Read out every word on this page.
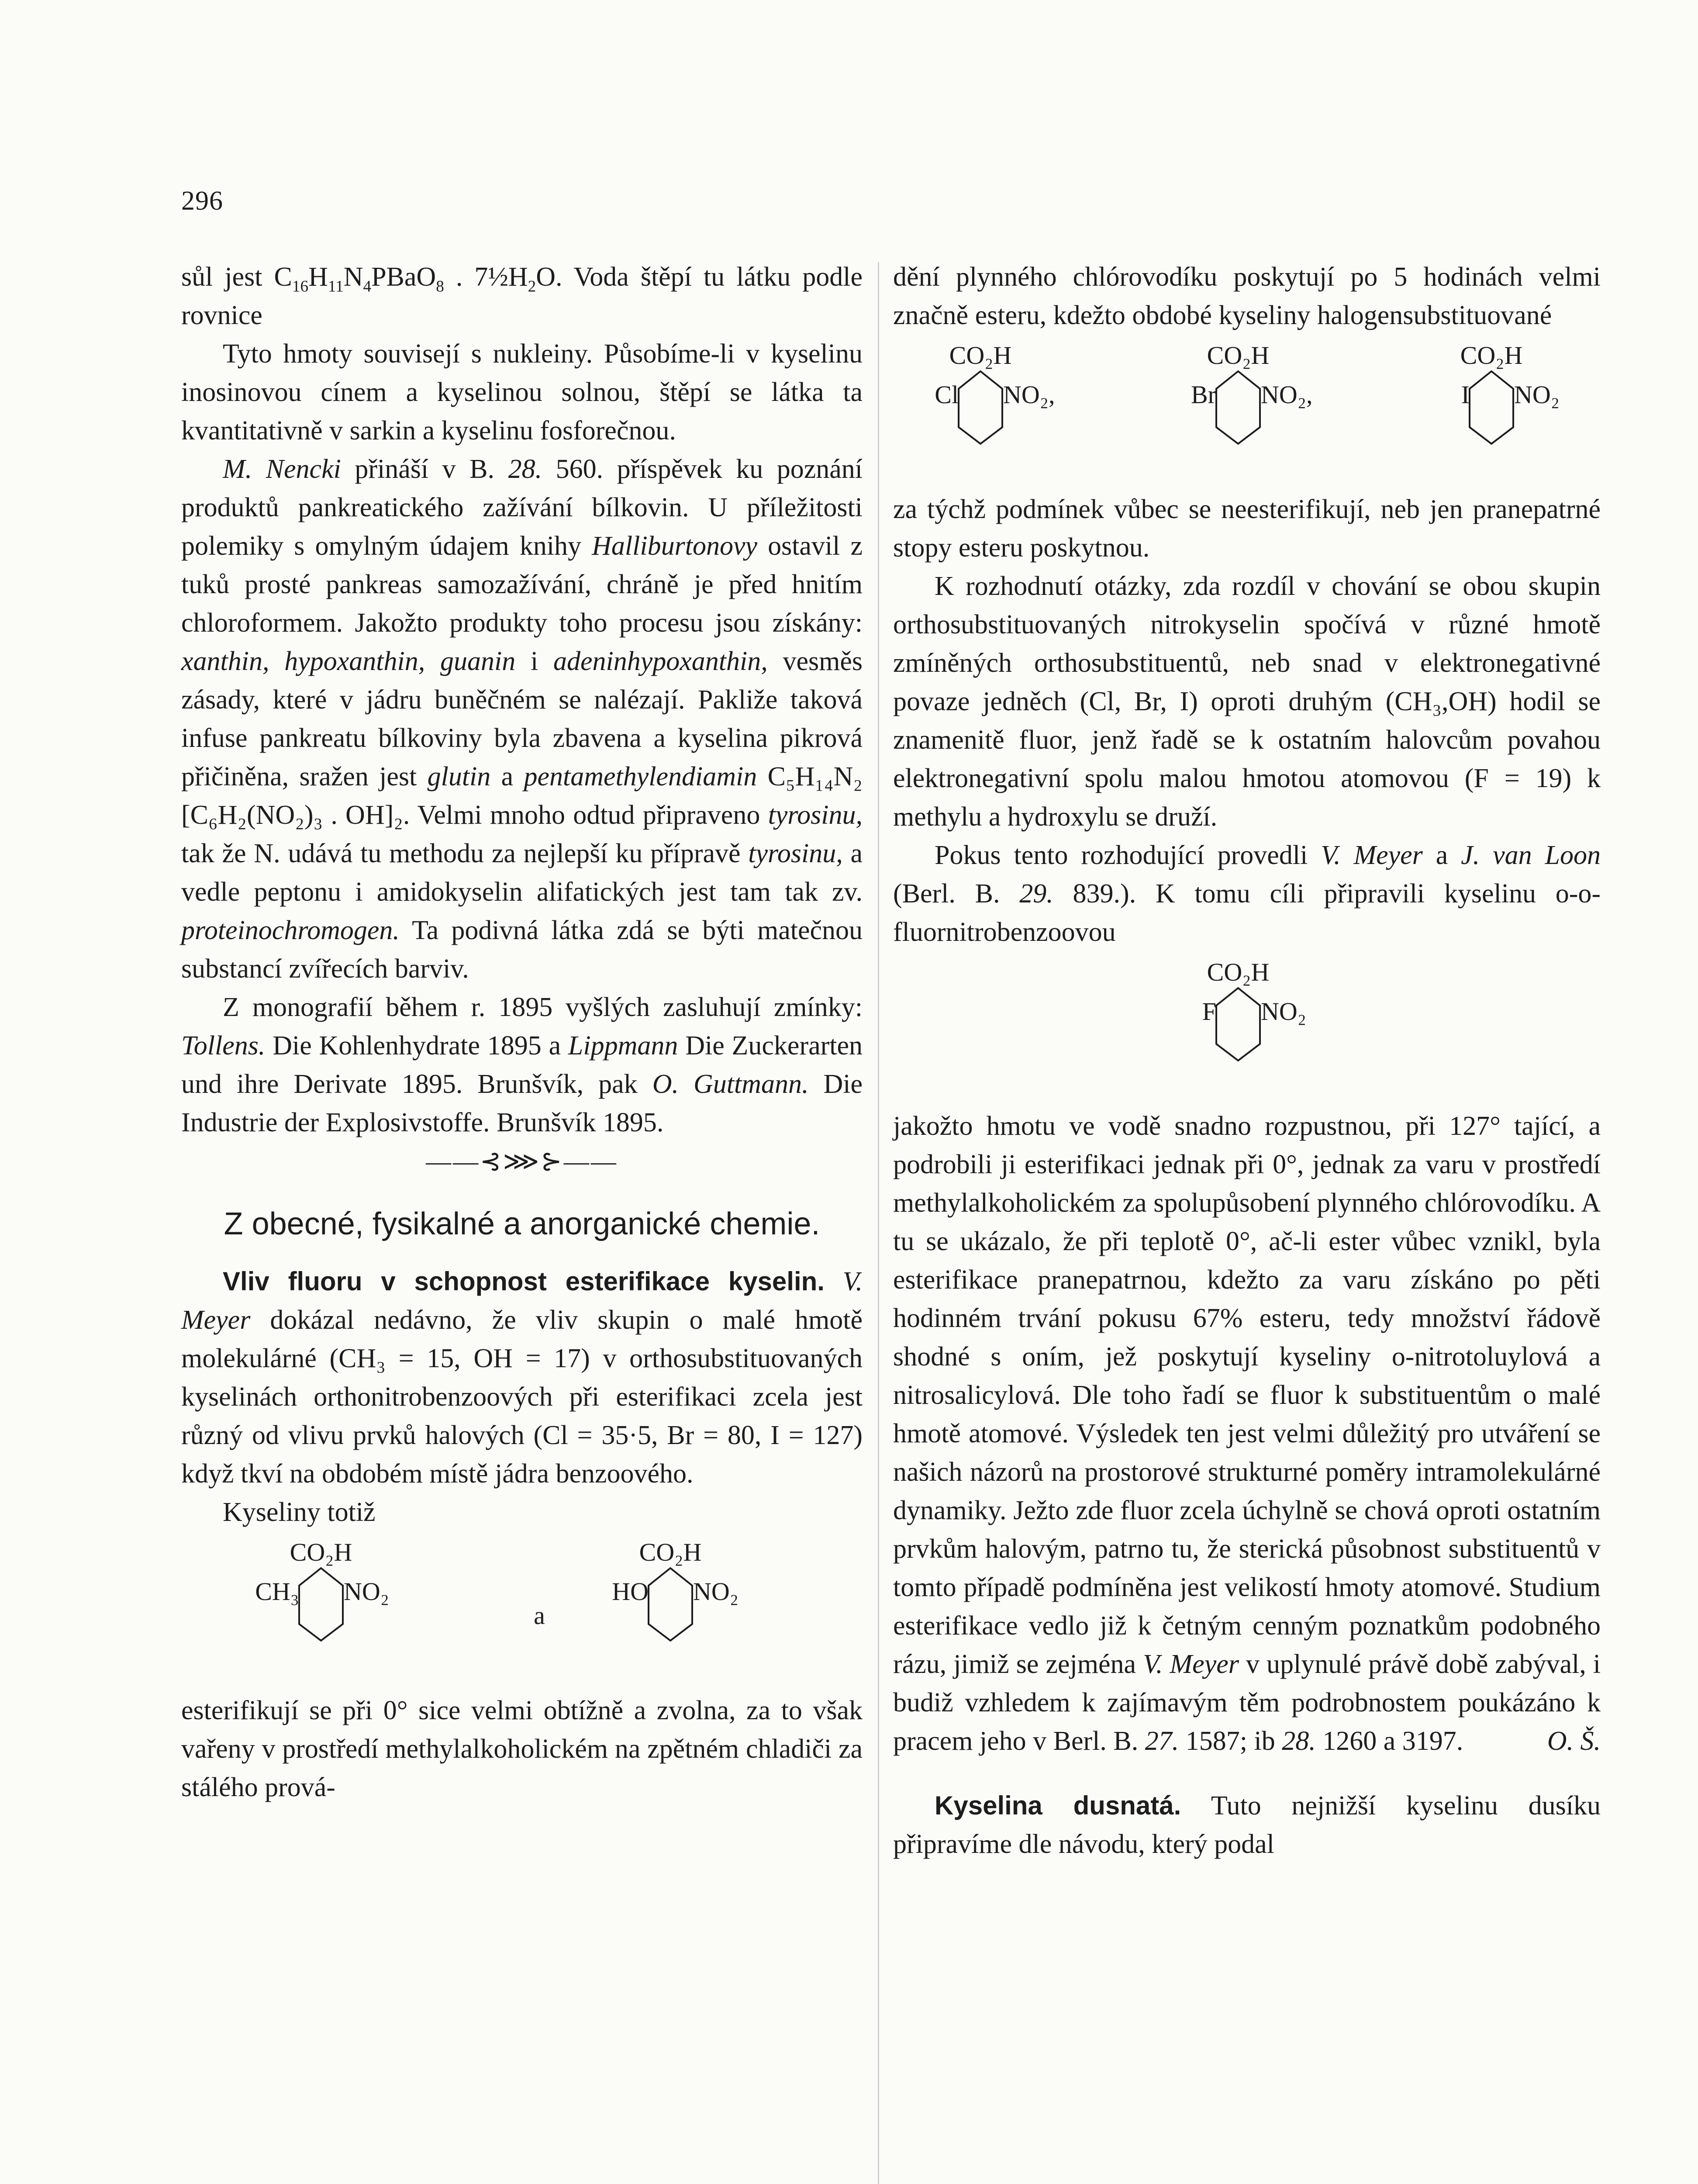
296

sůl jest $C_{16}H_{11}N_4PBaO_8$ . $7\frac{1}{2}H_2O$. Voda štěpí tu látku podle rovnice

Tyto hmoty souvisejí s nukleiny. Působíme-li v kyselinu inosinovou cínem a kyselinou solnou, štěpí se látka ta kvantitativně v sarkin a kyselinu fosforečnou.

M. Nencki přináší v B. 28. 560. příspěvek ku poznání produktů pankreatického zažívání bílkovin. U příležitosti polemiky s omylným údajem knihy Halliburtonovy ostavil z tuků prosté pankreas samozažívání, chráně je před hnitím chloroformem. Jakožto produkty toho procesu jsou získány: xanthin, hypoxanthin, guanin i adeninhypoxanthin, vesměs zásady, které v jádru buněčném se nalézají. Pakliže taková infuse pankreatu bílkoviny byla zbavena a kyselina pikrová přičiněna, sražen jest glutin a pentamethylendiamin C₅H₁₄N₂ [C₆H₂(NO₂)₃ . OH]₂. Velmi mnoho odtud připraveno tyrosinu, tak že N. udává tu methodu za nejlepší ku přípravě tyrosinu, a vedle peptonu i amidokyselin alifatických jest tam tak zv. proteinochromogen. Ta podivná látka zdá se býti matečnou substancí zvířecích barviv.

Z monografií během r. 1895 vyšlých zasluhují zmínky: Tollens. Die Kohlenhydrate 1895 a Lippmann Die Zuckerarten und ihre Derivate 1895. Brunšvík, pak O. Guttmann. Die Industrie der Explosivstoffe. Brunšvík 1895.

——⊰⋙⊱——
Z obecné, fysikalné a anorganické chemie.

Vliv fluoru v schopnost esterifikace kyselin. V. Meyer dokázal nedávno, že vliv skupin o malé hmotě molekulárné (CH₃ = 15, OH = 17) v orthosubstituovaných kyselinách orthonitrobenzoových při esterifikaci zcela jest různý od vlivu prvků halových (Cl = 35·5, Br = 80, I = 127) když tkví na obdobém místě jádra benzoového.

Kyseliny totiž

CO₂H
CH₃ NO₂
a
CO₂H
HO NO₂

esterifikují se při 0° sice velmi obtížně a zvolna, za to však vařeny v prostředí methylalkoholickém na zpětném chladiči za stálého prová-

dění plynného chlórovodíku poskytují po 5 hodinách velmi značně esteru, kdežto obdobé kyseliny halogensubstituované

CO₂H
Cl NO₂,
CO₂H
Br NO₂,
CO₂H
I NO₂

za týchž podmínek vůbec se neesterifikují, neb jen pranepatrné stopy esteru poskytnou.

K rozhodnutí otázky, zda rozdíl v chování se obou skupin orthosubstituovaných nitrokyselin spočívá v různé hmotě zmíněných orthosubstituentů, neb snad v elektronegativné povaze jedněch (Cl, Br, I) oproti druhým (CH₃,OH) hodil se znamenitě fluor, jenž řadě se k ostatním halovcům povahou elektronegativní spolu malou hmotou atomovou (F = 19) k methylu a hydroxylu se druží.

Pokus tento rozhodující provedli V. Meyer a J. van Loon (Berl. B. 29. 839.). K tomu cíli připravili kyselinu o-o-fluornitrobenzoovou

CO₂H
F NO₂

jakožto hmotu ve vodě snadno rozpustnou, při 127° tající, a podrobili ji esterifikaci jednak při 0°, jednak za varu v prostředí methylalkoholickém za spolupůsobení plynného chlórovodíku. A tu se ukázalo, že při teplotě 0°, ač-li ester vůbec vznikl, byla esterifikace pranepatrnou, kdežto za varu získáno po pěti hodinném trvání pokusu 67% esteru, tedy množství řádově shodné s oním, jež poskytují kyseliny o-nitrotoluylová a nitrosalicylová. Dle toho řadí se fluor k substituentům o malé hmotě atomové. Výsledek ten jest velmi důležitý pro utváření se našich názorů na prostorové strukturné poměry intramolekulárné dynamiky. Ježto zde fluor zcela úchylně se chová oproti ostatním prvkům halovým, patrno tu, že sterická působnost substituentů v tomto případě podmíněna jest velikostí hmoty atomové. Studium esterifikace vedlo již k četným cenným poznatkům podobného rázu, jimiž se zejména V. Meyer v uplynulé právě době zabýval, i budiž vzhledem k zajímavým těm podrobnostem poukázáno k pracem jeho v Berl. B. 27. 1587; ib 28. 1260 a 3197.	O. Š.

Kyselina dusnatá. Tuto nejnižší kyselinu dusíku připravíme dle návodu, který podal
